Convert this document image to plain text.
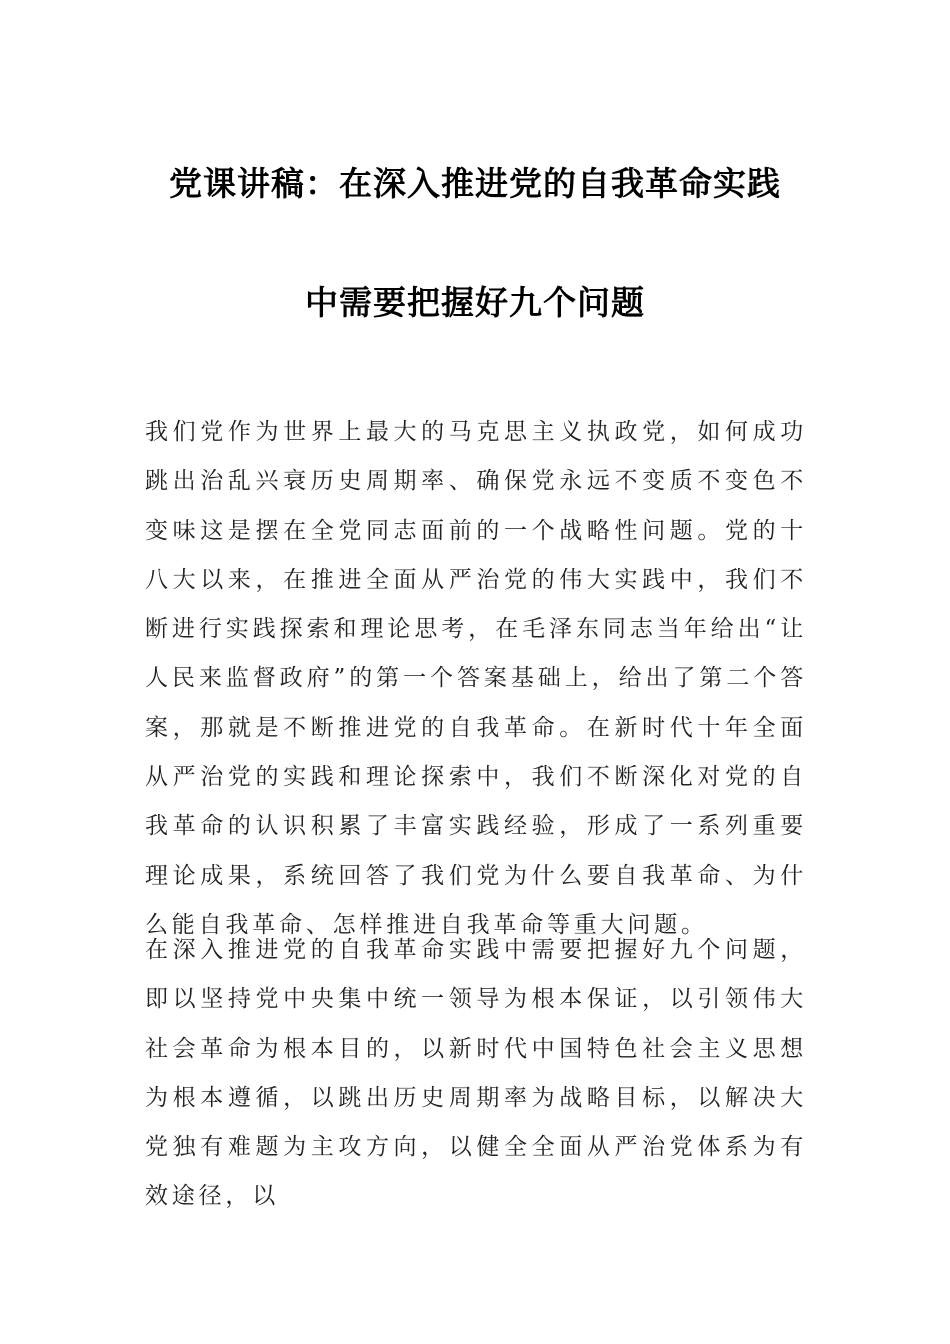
党课讲稿：在深入推进党的自我革命实践
中需要把握好九个问题

我们党作为世界上最大的马克思主义执政党，如何成功跳出治乱兴衰历史周期率、确保党永远不变质不变色不变味这是摆在全党同志面前的一个战略性问题。党的十八大以来，在推进全面从严治党的伟大实践中，我们不断进行实践探索和理论思考，在毛泽东同志当年给出“让人民来监督政府”的第一个答案基础上，给出了第二个答案，那就是不断推进党的自我革命。在新时代十年全面从严治党的实践和理论探索中，我们不断深化对党的自我革命的认识积累了丰富实践经验，形成了一系列重要理论成果，系统回答了我们党为什么要自我革命、为什么能自我革命、怎样推进自我革命等重大问题。

在深入推进党的自我革命实践中需要把握好九个问题，即以坚持党中央集中统一领导为根本保证，以引领伟大社会革命为根本目的，以新时代中国特色社会主义思想为根本遵循，以跳出历史周期率为战略目标，以解决大党独有难题为主攻方向，以健全全面从严治党体系为有效途径，以
